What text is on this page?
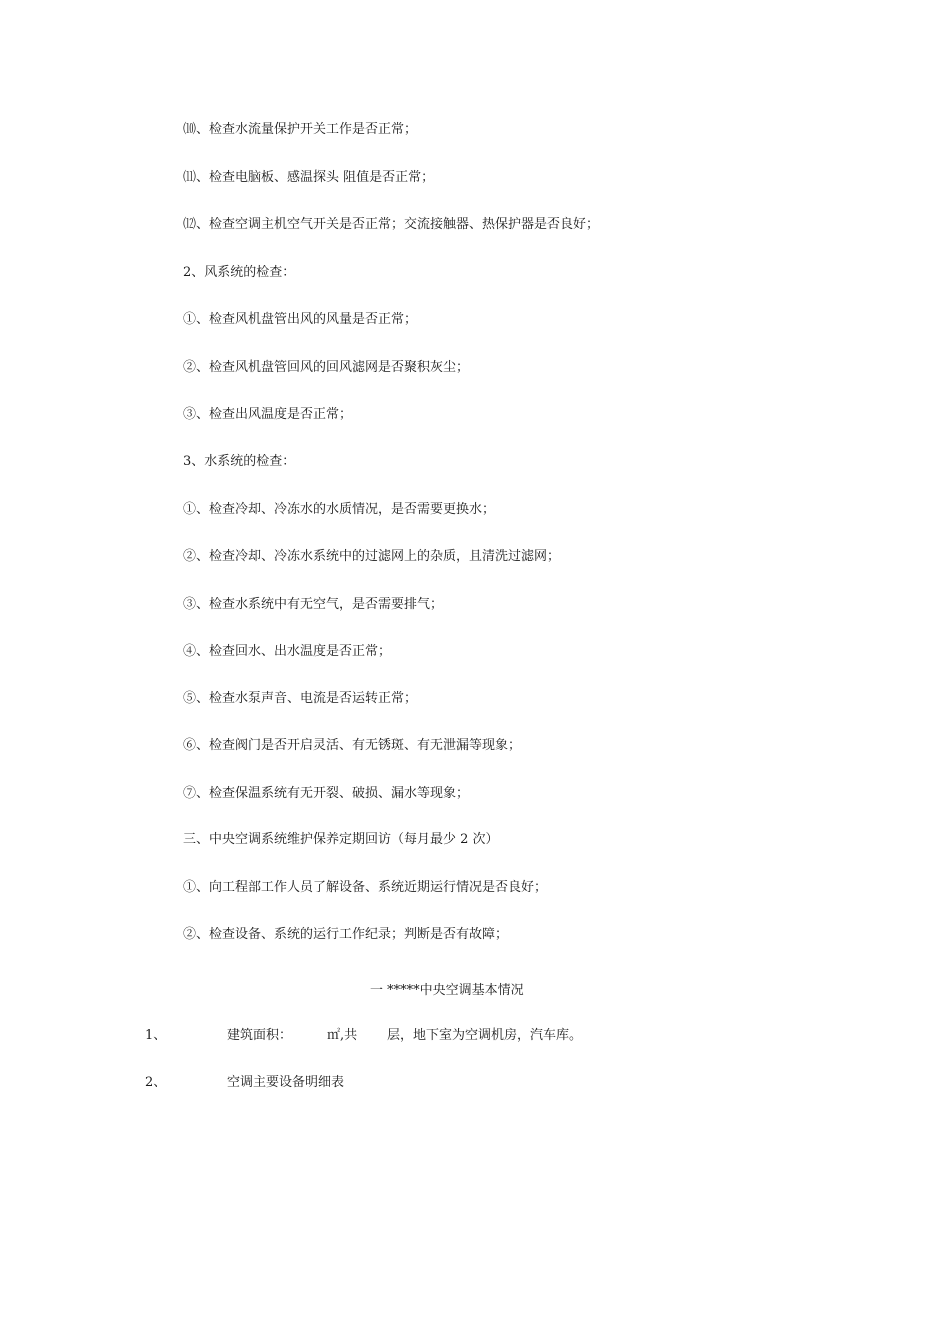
⑽、检查水流量保护开关工作是否正常；
⑾、检查电脑板、感温探头 阻值是否正常；
⑿、检查空调主机空气开关是否正常；交流接触器、热保护器是否良好；
2、风系统的检查：
①、检查风机盘管出风的风量是否正常；
②、检查风机盘管回风的回风滤网是否聚积灰尘；
③、检查出风温度是否正常；
3、水系统的检查：
①、检查冷却、冷冻水的水质情况，是否需要更换水；
②、检查冷却、冷冻水系统中的过滤网上的杂质，且清洗过滤网；
③、检查水系统中有无空气，是否需要排气；
④、检查回水、出水温度是否正常；
⑤、检查水泵声音、电流是否运转正常；
⑥、检查阀门是否开启灵活、有无锈斑、有无泄漏等现象；
⑦、检查保温系统有无开裂、破损、漏水等现象；
三、中央空调系统维护保养定期回访（每月最少 2 次）
①、向工程部工作人员了解设备、系统近期运行情况是否良好；
②、检查设备、系统的运行工作纪录；判断是否有故障；
一 *****中央空调基本情况
1、	建筑面积：	㎡,共 层，地下室为空调机房，汽车库。
2、	空调主要设备明细表
